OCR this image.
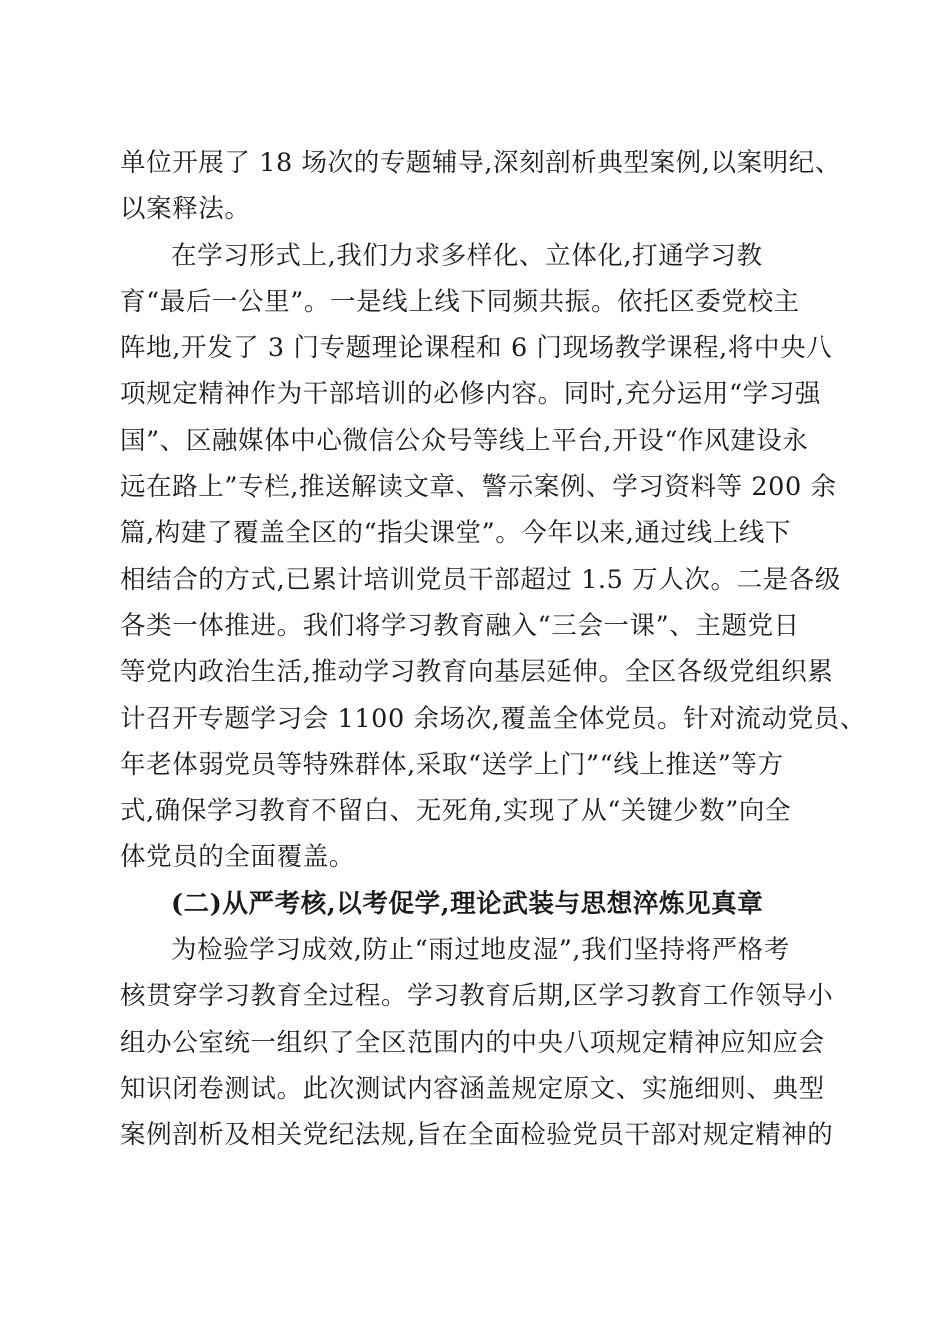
单位开展了 18 场次的专题辅导,深刻剖析典型案例,以案明纪、
以案释法。
在学习形式上,我们力求多样化、立体化,打通学习教
育“最后一公里”。一是线上线下同频共振。依托区委党校主
阵地,开发了 3 门专题理论课程和 6 门现场教学课程,将中央八
项规定精神作为干部培训的必修内容。同时,充分运用“学习强
国”、区融媒体中心微信公众号等线上平台,开设“作风建设永
远在路上”专栏,推送解读文章、警示案例、学习资料等 200 余
篇,构建了覆盖全区的“指尖课堂”。今年以来,通过线上线下
相结合的方式,已累计培训党员干部超过 1.5 万人次。二是各级
各类一体推进。我们将学习教育融入“三会一课”、主题党日
等党内政治生活,推动学习教育向基层延伸。全区各级党组织累
计召开专题学习会 1100 余场次,覆盖全体党员。针对流动党员、
年老体弱党员等特殊群体,采取“送学上门”“线上推送”等方
式,确保学习教育不留白、无死角,实现了从“关键少数”向全
体党员的全面覆盖。
(二)从严考核,以考促学,理论武装与思想淬炼见真章
为检验学习成效,防止“雨过地皮湿”,我们坚持将严格考
核贯穿学习教育全过程。学习教育后期,区学习教育工作领导小
组办公室统一组织了全区范围内的中央八项规定精神应知应会
知识闭卷测试。此次测试内容涵盖规定原文、实施细则、典型
案例剖析及相关党纪法规,旨在全面检验党员干部对规定精神的
